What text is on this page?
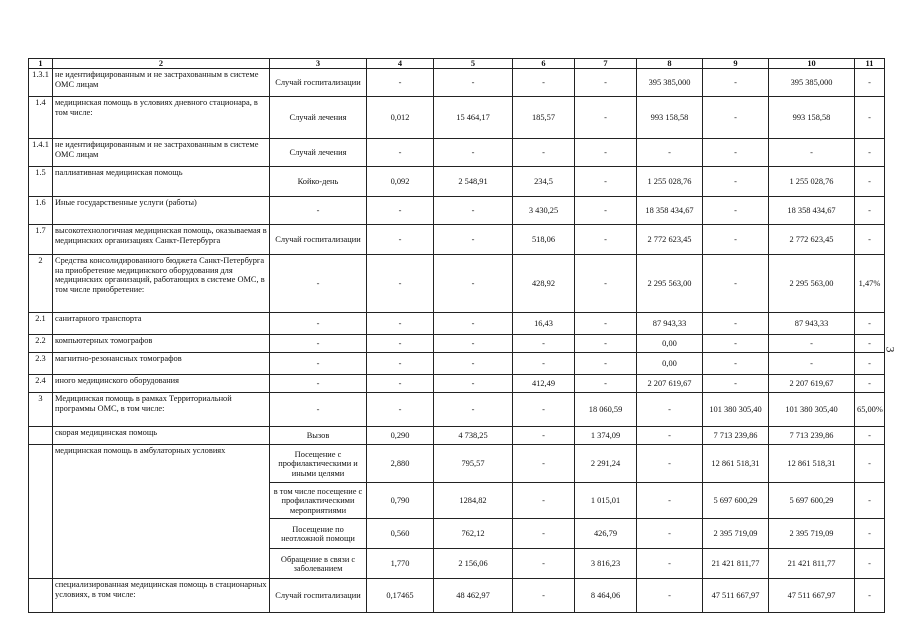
1	2	3	4	5	6	7	8	9	10	11
1.3.1	не идентифицированным и не застрахованным в системе ОМС лицам	Случай госпитализации	-	-	-	-	395 385,000	-	395 385,000	-
1.4	медицинская помощь в условиях дневного стационара, в том числе:	Случай лечения	0,012	15 464,17	185,57	-	993 158,58	-	993 158,58	-
1.4.1	не идентифицированным и не застрахованным в системе ОМС лицам	Случай лечения	-	-	-	-	-	-	-	-
1.5	паллиативная медицинская помощь	Койко-день	0,092	2 548,91	234,5	-	1 255 028,76	-	1 255 028,76	-
1.6	Иные государственные услуги (работы)	-	-	-	3 430,25	-	18 358 434,67	-	18 358 434,67	-
1.7	высокотехнологичная медицинская помощь, оказываемая в медицинских организациях Санкт-Петербурга	Случай госпитализации	-	-	518,06	-	2 772 623,45	-	2 772 623,45	-
2	Средства консолидированного бюджета Санкт-Петербурга на приобретение медицинского оборудования для медицинских организаций, работающих в системе ОМС, в том числе приобретение:	-	-	-	428,92	-	2 295 563,00	-	2 295 563,00	1,47%
2.1	санитарного транспорта	-	-	-	16,43	-	87 943,33	-	87 943,33	-
2.2	компьютерных томографов	-	-	-	-	-	0,00	-	-	-
2.3	магнитно-резонансных томографов	-	-	-	-	-	0,00	-	-	-
2.4	иного медицинского оборудования	-	-	-	412,49	-	2 207 619,67	-	2 207 619,67	-
3	Медицинская помощь в рамках Территориальной программы ОМС, в том числе:	-	-	-	-	18 060,59	-	101 380 305,40	101 380 305,40	65,00%
	скорая медицинская помощь	Вызов	0,290	4 738,25	-	1 374,09	-	7 713 239,86	7 713 239,86	-
	медицинская помощь в амбулаторных условиях	Посещение с профилактическими и иными целями	2,880	795,57	-	2 291,24	-	12 861 518,31	12 861 518,31	-
		в том числе посещение с профилактическими мероприятиями	0,790	1284,82	-	1 015,01	-	5 697 600,29	5 697 600,29	-
		Посещение по неотложной помощи	0,560	762,12	-	426,79	-	2 395 719,09	2 395 719,09	-
		Обращение в связи с заболеванием	1,770	2 156,06	-	3 816,23	-	21 421 811,77	21 421 811,77	-
	специализированная медицинская помощь в стационарных условиях, в том числе:	Случай госпитализации	0,17465	48 462,97	-	8 464,06	-	47 511 667,97	47 511 667,97	-
3
